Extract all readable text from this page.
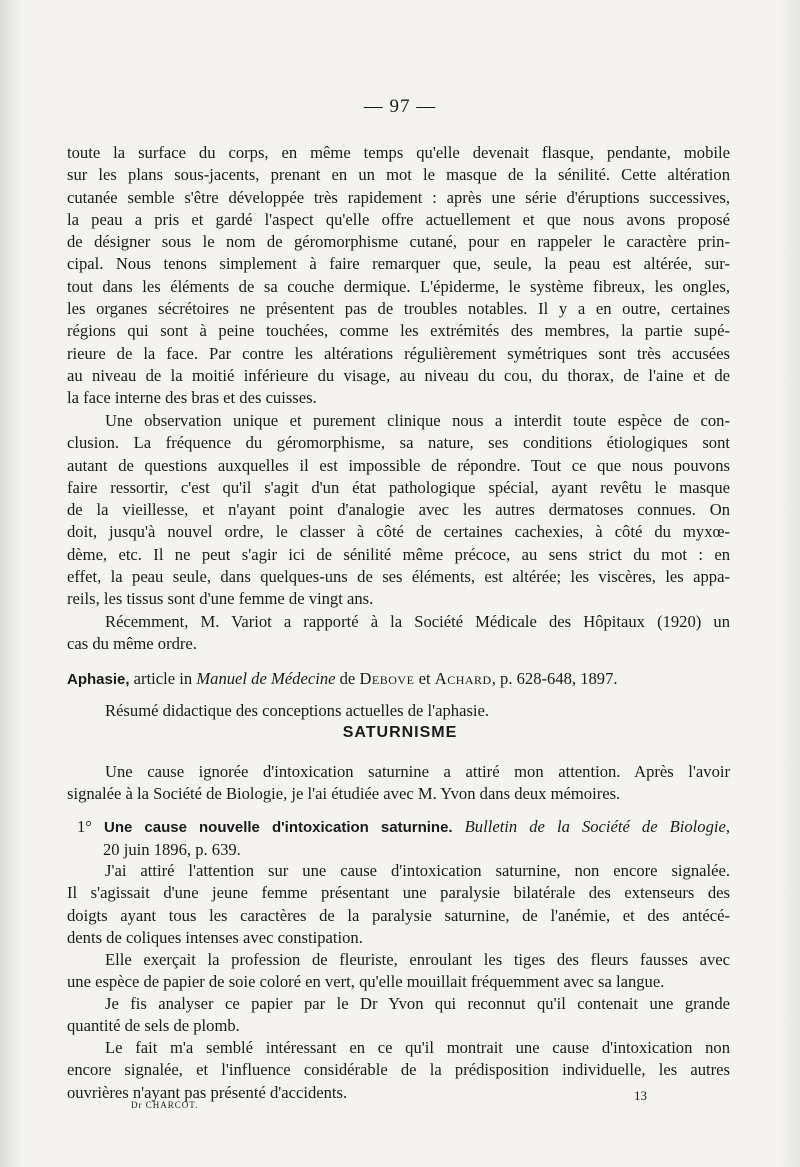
— 97 —
toute la surface du corps, en même temps qu'elle devenait flasque, pendante, mobile
sur les plans sous-jacents, prenant en un mot le masque de la sénilité. Cette altération
cutanée semble s'être développée très rapidement : après une série d'éruptions successives,
la peau a pris et gardé l'aspect qu'elle offre actuellement et que nous avons proposé
de désigner sous le nom de géromorphisme cutané, pour en rappeler le caractère prin-
cipal. Nous tenons simplement à faire remarquer que, seule, la peau est altérée, sur-
tout dans les éléments de sa couche dermique. L'épiderme, le système fibreux, les ongles,
les organes sécrétoires ne présentent pas de troubles notables. Il y a en outre, certaines
régions qui sont à peine touchées, comme les extrémités des membres, la partie supé-
rieure de la face. Par contre les altérations régulièrement symétriques sont très accusées
au niveau de la moitié inférieure du visage, au niveau du cou, du thorax, de l'aine et de
la face interne des bras et des cuisses.
Une observation unique et purement clinique nous a interdit toute espèce de con-
clusion. La fréquence du géromorphisme, sa nature, ses conditions étiologiques sont
autant de questions auxquelles il est impossible de répondre. Tout ce que nous pouvons
faire ressortir, c'est qu'il s'agit d'un état pathologique spécial, ayant revêtu le masque
de la vieillesse, et n'ayant point d'analogie avec les autres dermatoses connues. On
doit, jusqu'à nouvel ordre, le classer à côté de certaines cachexies, à côté du myxœ-
dème, etc. Il ne peut s'agir ici de sénilité même précoce, au sens strict du mot : en
effet, la peau seule, dans quelques-uns de ses éléments, est altérée; les viscères, les appa-
reils, les tissus sont d'une femme de vingt ans.
Récemment, M. Variot a rapporté à la Société Médicale des Hôpitaux (1920) un
cas du même ordre.
Aphasie, article in Manuel de Médecine de Debove et Achard, p. 628-648, 1897.
Résumé didactique des conceptions actuelles de l'aphasie.
SATURNISME
Une cause ignorée d'intoxication saturnine a attiré mon attention. Après l'avoir
signalée à la Société de Biologie, je l'ai étudiée avec M. Yvon dans deux mémoires.
1° Une cause nouvelle d'intoxication saturnine. Bulletin de la Société de Biologie,
20 juin 1896, p. 639.
J'ai attiré l'attention sur une cause d'intoxication saturnine, non encore signalée.
Il s'agissait d'une jeune femme présentant une paralysie bilatérale des extenseurs des
doigts ayant tous les caractères de la paralysie saturnine, de l'anémie, et des antécé-
dents de coliques intenses avec constipation.
Elle exerçait la profession de fleuriste, enroulant les tiges des fleurs fausses avec
une espèce de papier de soie coloré en vert, qu'elle mouillait fréquemment avec sa langue.
Je fis analyser ce papier par le Dr Yvon qui reconnut qu'il contenait une grande
quantité de sels de plomb.
Le fait m'a semblé intéressant en ce qu'il montrait une cause d'intoxication non
encore signalée, et l'influence considérable de la prédisposition individuelle, les autres
ouvrières n'ayant pas présenté d'accidents.
Dr CHARCOT.
13
